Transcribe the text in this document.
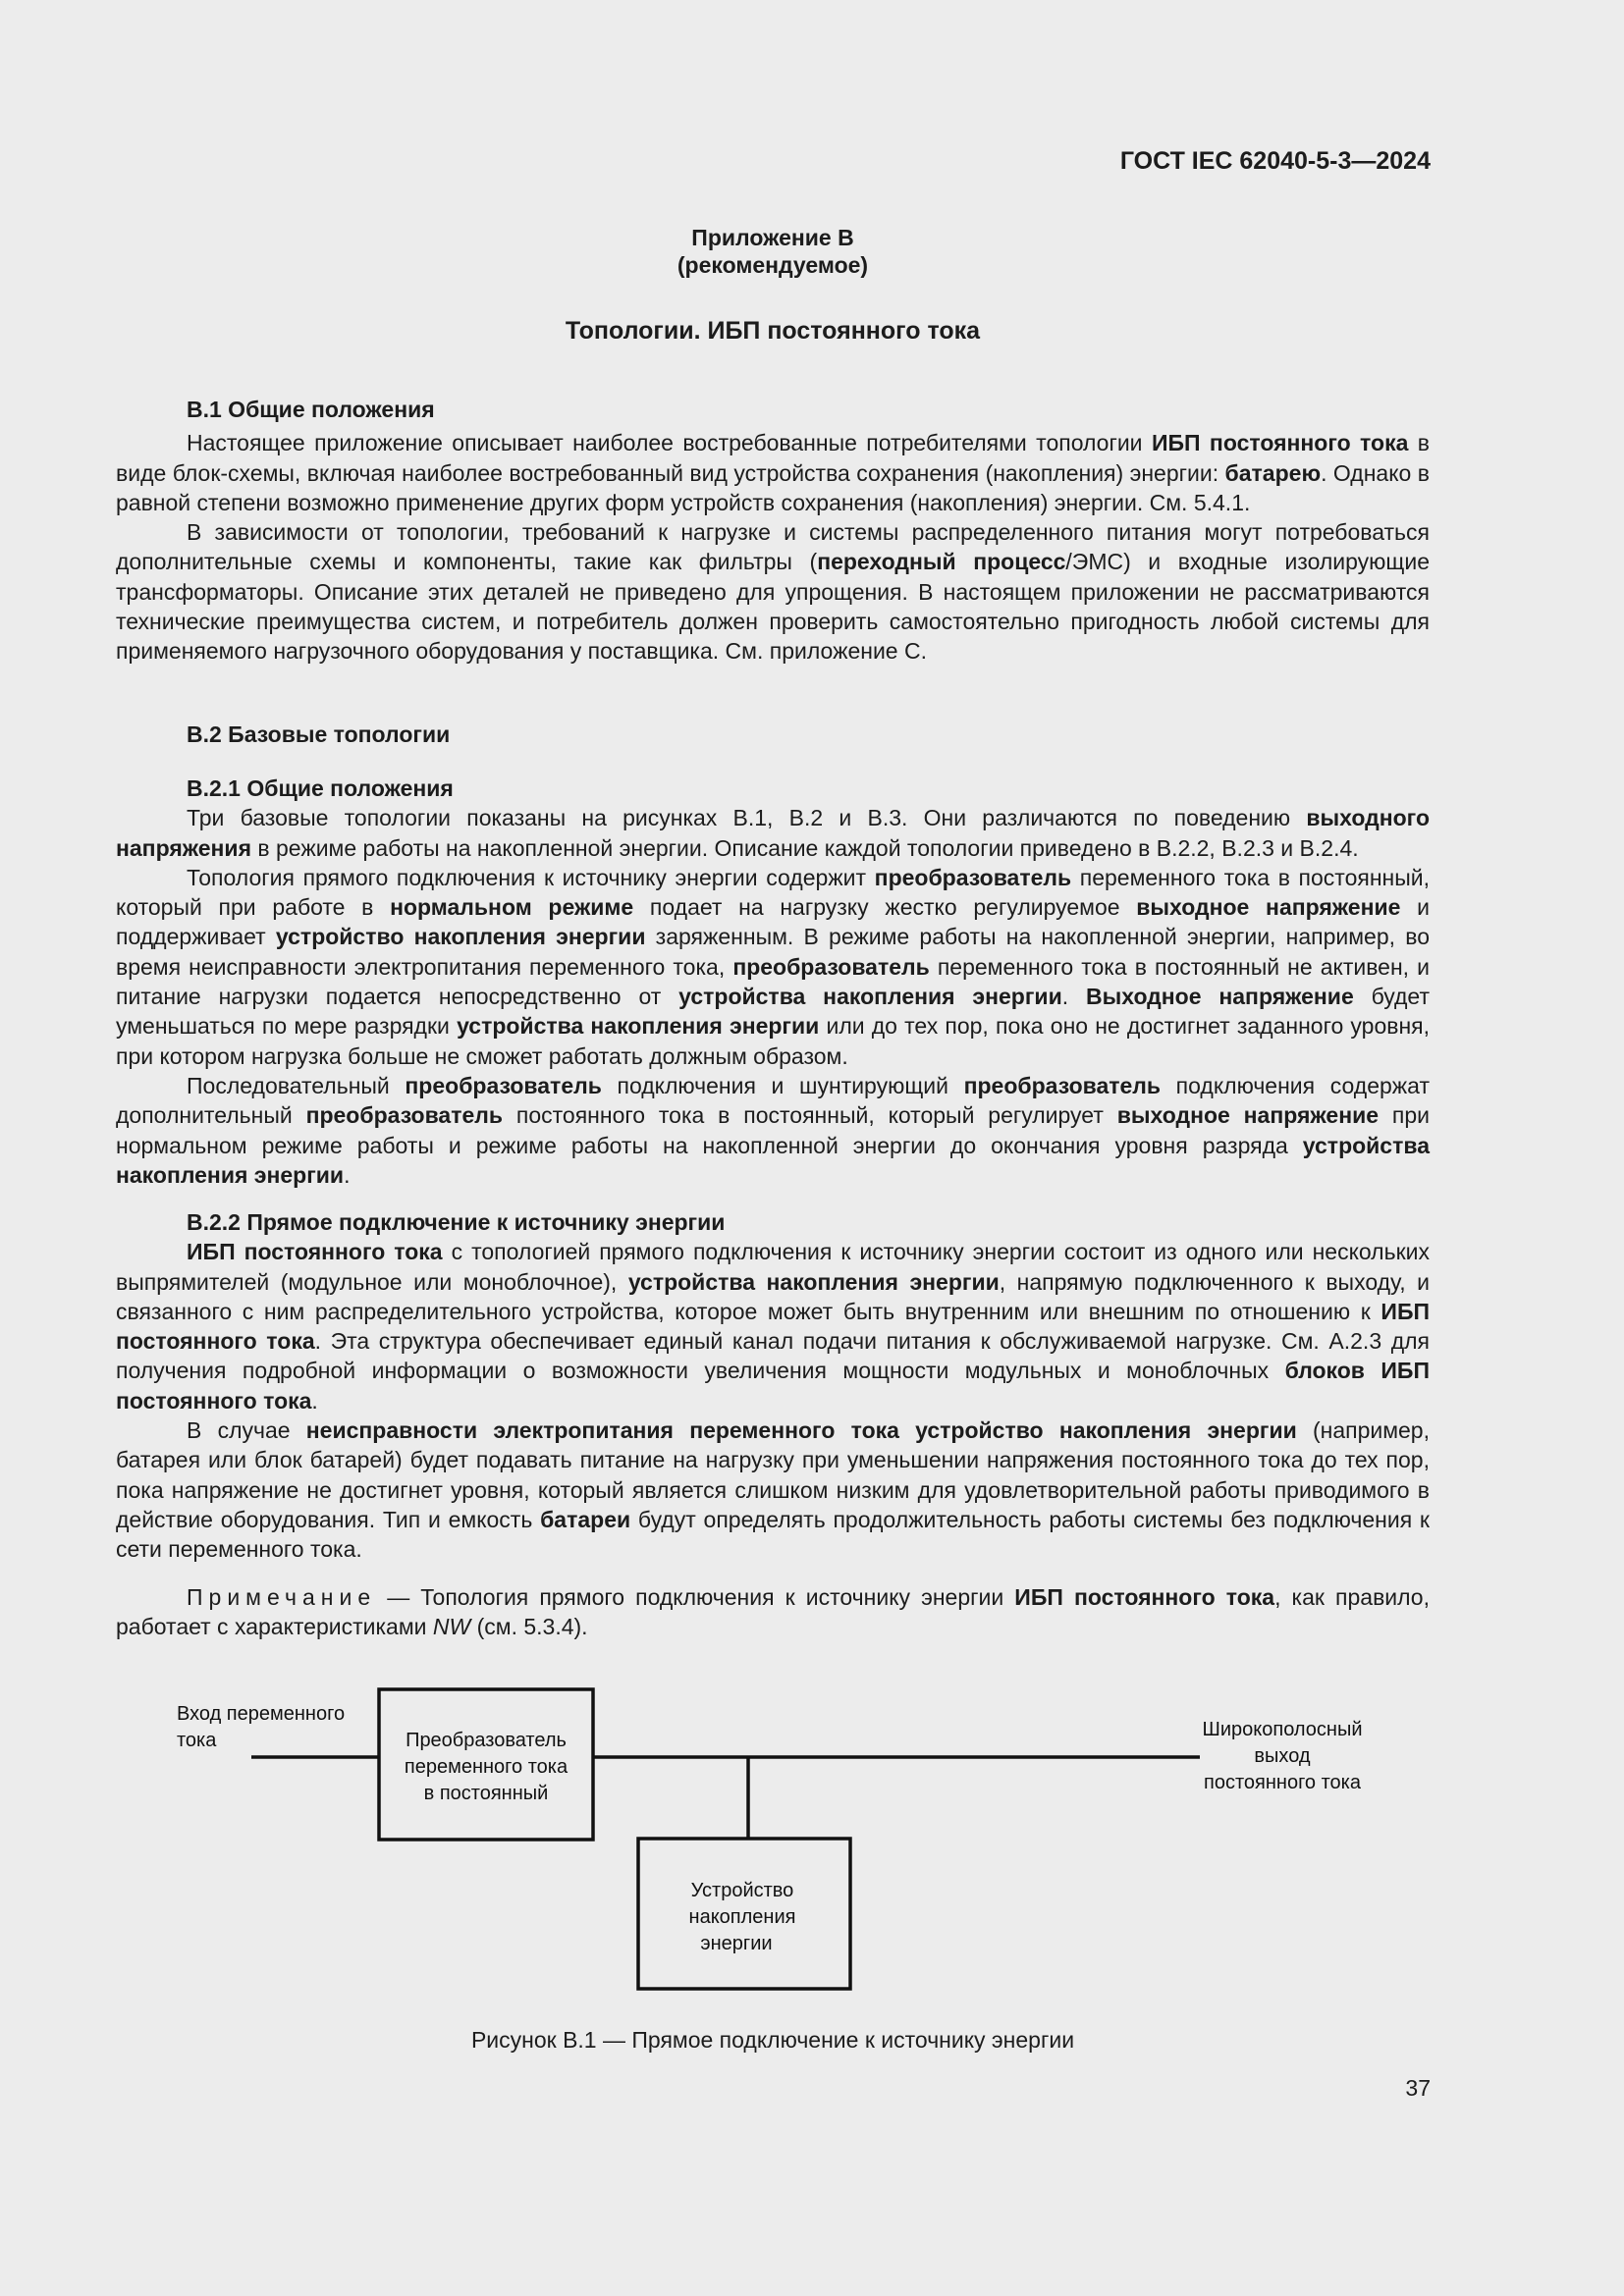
ГОСТ IEC 62040-5-3—2024
Приложение В
(рекомендуемое)
Топологии. ИБП постоянного тока

В.1 Общие положения

Настоящее приложение описывает наиболее востребованные потребителями топологии ИБП постоянного тока в виде блок-схемы, включая наиболее востребованный вид устройства сохранения (накопления) энергии: батарею. Однако в равной степени возможно применение других форм устройств сохранения (накопления) энергии. См. 5.4.1.

В зависимости от топологии, требований к нагрузке и системы распределенного питания могут потребоваться дополнительные схемы и компоненты, такие как фильтры (переходный процесс/ЭМС) и входные изолирующие трансформаторы. Описание этих деталей не приведено для упрощения. В настоящем приложении не рассматриваются технические преимущества систем, и потребитель должен проверить самостоятельно пригодность любой системы для применяемого нагрузочного оборудования у поставщика. См. приложение С.

В.2 Базовые топологии

В.2.1 Общие положения

Три базовые топологии показаны на рисунках В.1, В.2 и В.3. Они различаются по поведению выходного напряжения в режиме работы на накопленной энергии. Описание каждой топологии приведено в В.2.2, В.2.3 и В.2.4.

Топология прямого подключения к источнику энергии содержит преобразователь переменного тока в постоянный, который при работе в нормальном режиме подает на нагрузку жестко регулируемое выходное напряжение и поддерживает устройство накопления энергии заряженным. В режиме работы на накопленной энергии, например, во время неисправности электропитания переменного тока, преобразователь переменного тока в постоянный не активен, и питание нагрузки подается непосредственно от устройства накопления энергии. Выходное напряжение будет уменьшаться по мере разрядки устройства накопления энергии или до тех пор, пока оно не достигнет заданного уровня, при котором нагрузка больше не сможет работать должным образом.

Последовательный преобразователь подключения и шунтирующий преобразователь подключения содержат дополнительный преобразователь постоянного тока в постоянный, который регулирует выходное напряжение при нормальном режиме работы и режиме работы на накопленной энергии до окончания уровня разряда устройства накопления энергии.

В.2.2 Прямое подключение к источнику энергии

ИБП постоянного тока с топологией прямого подключения к источнику энергии состоит из одного или нескольких выпрямителей (модульное или моноблочное), устройства накопления энергии, напрямую подключенного к выходу, и связанного с ним распределительного устройства, которое может быть внутренним или внешним по отношению к ИБП постоянного тока. Эта структура обеспечивает единый канал подачи питания к обслуживаемой нагрузке. См. А.2.3 для получения подробной информации о возможности увеличения мощности модульных и моноблочных блоков ИБП постоянного тока.

В случае неисправности электропитания переменного тока устройство накопления энергии (например, батарея или блок батарей) будет подавать питание на нагрузку при уменьшении напряжения постоянного тока до тех пор, пока напряжение не достигнет уровня, который является слишком низким для удовлетворительной работы приводимого в действие оборудования. Тип и емкость батареи будут определять продолжительность работы системы без подключения к сети переменного тока.

Примечание — Топология прямого подключения к источнику энергии ИБП постоянного тока, как правило, работает с характеристиками NW (см. 5.3.4).

Вход переменного
тока	Преобразователь
переменного тока
в постоянный
Устройство
накопления
энергии
Широкополосный
выход
постоянного тока
Рисунок В.1 — Прямое подключение к источнику энергии
37
